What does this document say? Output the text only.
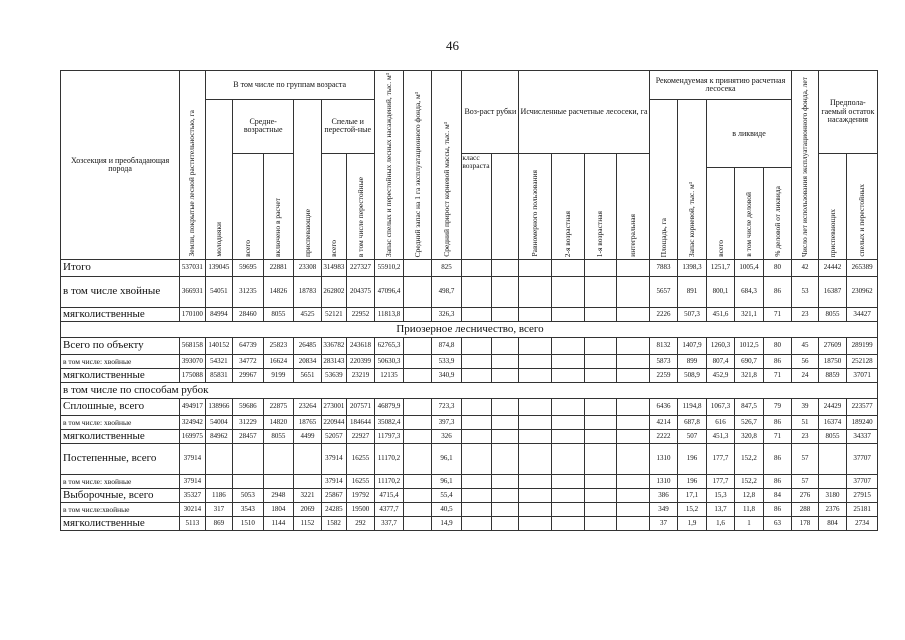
46
Хозсекция и преобладающая порода	Земли, покрытые лесной растительностью, га	В том числе по группам возраста						Запас спелых и перестойных лесных насаждений, тыс. м³	Средний запас на 1 га эксплуатационного фонда, м³	Средний прирост корневой массы, тыс. м³	Воз-раст рубки		Исчисленные расчетные лесосеки, га				Рекомендуемая к принятию расчетная лесосека					Число лет использования эксплуатационного фонда, лет	Предпола-гаемый остаток насаждения	

		молодняки	Средне-возрастные		приспевающие	Спелые и перестой-ные											Площадь, га	Запас корневой, тыс. м³	в ликвиде					

			всего	включено в расчет		всего	в том числе перестойные				класс возраста		Равномерного пользования	2-я возрастная	1-я возрастная	интегральная							приспевающих	спелых и перестойных

																			всего	в том числе деловой	% деловой от ликвида			

Итого	537031	139045	59695	22881	23308	314983	227327	55910,2		825							7883	1398,3	1251,7	1005,4	80	42	24442	265389
в том числе хвойные	366931	54051	31235	14826	18783	262802	204375	47096,4		498,7							5657	891	800,1	684,3	86	53	16387	230962
мягколиственные	170100	84994	28460	8055	4525	52121	22952	11813,8		326,3							2226	507,3	451,6	321,1	71	23	8055	34427
Приозерное лесничество, всего																								
Всего по объекту	568158	140152	64739	25823	26485	336782	243618	62765,3		874,8							8132	1407,9	1260,3	1012,5	80	45	27609	289199
в том числе: хвойные	393070	54321	34772	16624	20834	283143	220399	50630,3		533,9							5873	899	807,4	690,7	86	56	18750	252128
мягколиственные	175088	85831	29967	9199	5651	53639	23219	12135		340,9							2259	508,9	452,9	321,8	71	24	8859	37071
в том числе по способам рубок																								
Сплошные, всего	494917	138966	59686	22875	23264	273001	207571	46879,9		723,3							6436	1194,8	1067,3	847,5	79	39	24429	223577
в том числе: хвойные	324942	54004	31229	14820	18765	220944	184644	35082,4		397,3							4214	687,8	616	526,7	86	51	16374	189240
мягколиственные	169975	84962	28457	8055	4499	52057	22927	11797,3		326							2222	507	451,3	320,8	71	23	8055	34337
Постепенные, всего	37914					37914	16255	11170,2		96,1							1310	196	177,7	152,2	86	57		37707
в том числе: хвойные	37914					37914	16255	11170,2		96,1							1310	196	177,7	152,2	86	57		37707
Выборочные, всего	35327	1186	5053	2948	3221	25867	19792	4715,4		55,4							386	17,1	15,3	12,8	84	276	3180	27915
в том числе:хвойные	30214	317	3543	1804	2069	24285	19500	4377,7		40,5							349	15,2	13,7	11,8	86	288	2376	25181
мягколиственные	5113	869	1510	1144	1152	1582	292	337,7		14,9							37	1,9	1,6	1	63	178	804	2734
